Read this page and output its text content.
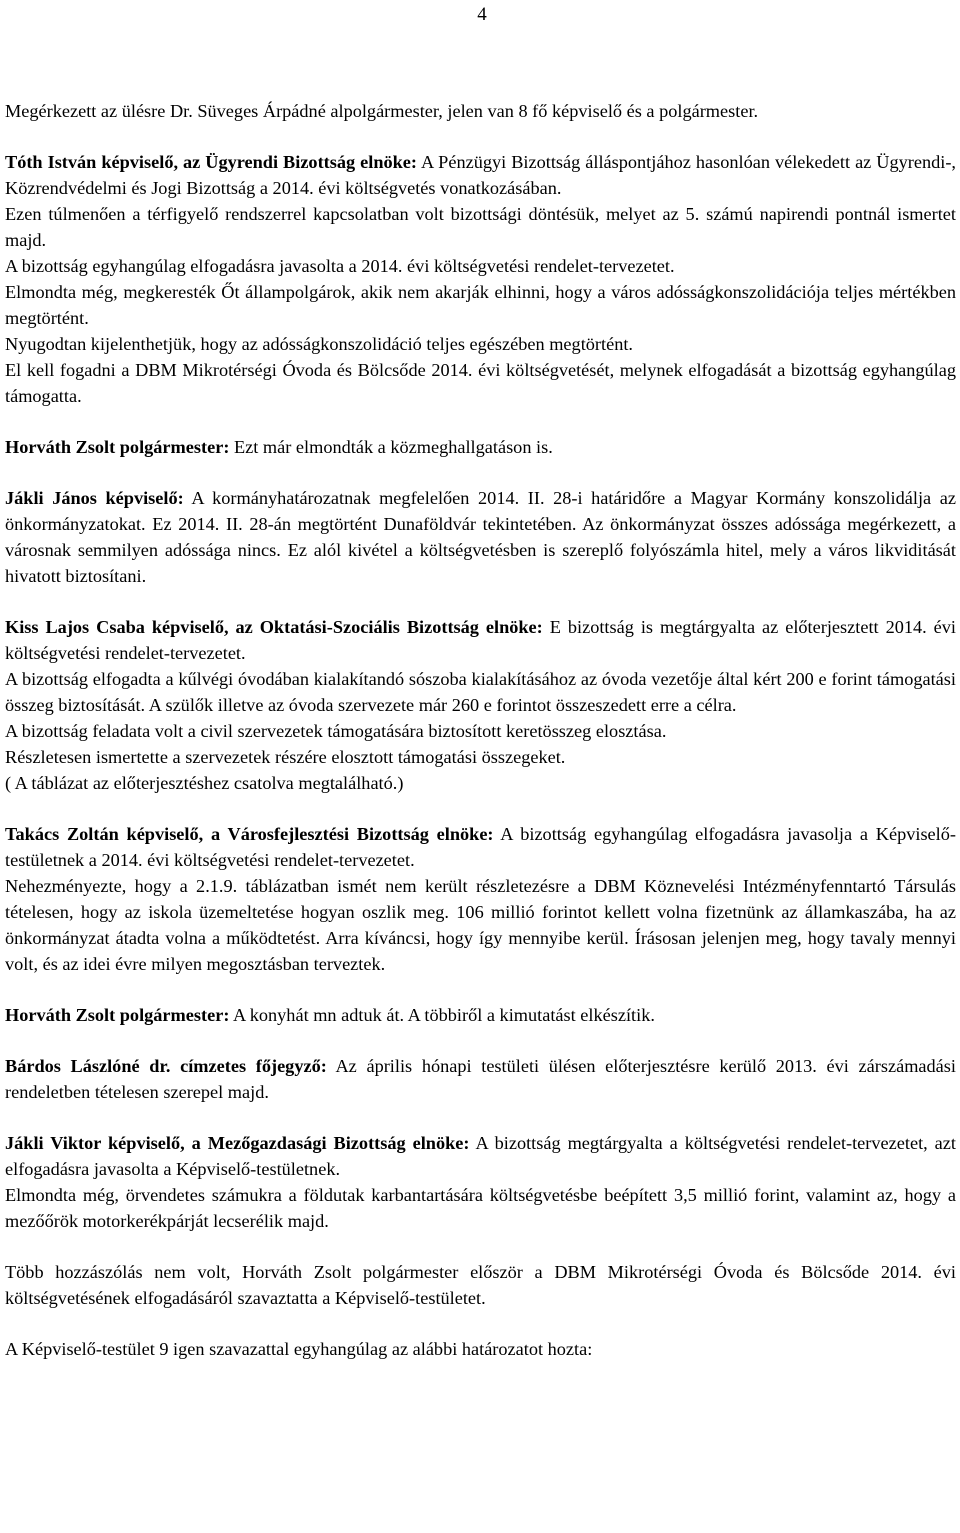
4

Megérkezett az ülésre Dr. Süveges Árpádné alpolgármester, jelen van 8 fő képviselő és a polgármester.

Tóth István képviselő, az Ügyrendi Bizottság elnöke: A Pénzügyi Bizottság álláspontjához hasonlóan vélekedett az Ügyrendi-, Közrendvédelmi és Jogi Bizottság a 2014. évi költségvetés vonatkozásában.

Ezen túlmenően a térfigyelő rendszerrel kapcsolatban volt bizottsági döntésük, melyet az 5. számú napirendi pontnál ismertet majd.

A bizottság egyhangúlag elfogadásra javasolta a 2014. évi költségvetési rendelet-tervezetet.

Elmondta még, megkeresték Őt állampolgárok, akik nem akarják elhinni, hogy a város adósságkonszolidációja teljes mértékben megtörtént.

Nyugodtan kijelenthetjük, hogy az adósságkonszolidáció teljes egészében megtörtént.

El kell fogadni a DBM Mikrotérségi Óvoda és Bölcsőde 2014. évi költségvetését, melynek elfogadását a bizottság egyhangúlag támogatta.

Horváth Zsolt polgármester: Ezt már elmondták a közmeghallgatáson is.

Jákli János képviselő: A kormányhatározatnak megfelelően 2014. II. 28-i határidőre a Magyar Kormány konszolidálja az önkormányzatokat. Ez 2014. II. 28-án megtörtént Dunaföldvár tekintetében. Az önkormányzat összes adóssága megérkezett, a városnak semmilyen adóssága nincs. Ez alól kivétel a költségvetésben is szereplő folyószámla hitel, mely a város likviditását hivatott biztosítani.

Kiss Lajos Csaba képviselő, az Oktatási-Szociális Bizottság elnöke: E bizottság is megtárgyalta az előterjesztett 2014. évi költségvetési rendelet-tervezetet.

A bizottság elfogadta a kűlvégi óvodában kialakítandó sószoba kialakításához az óvoda vezetője által kért 200 e forint támogatási összeg biztosítását. A szülők illetve az óvoda szervezete már 260 e forintot összeszedett erre a célra.

A bizottság feladata volt a civil szervezetek támogatására biztosított keretösszeg elosztása.

Részletesen ismertette a szervezetek részére elosztott támogatási összegeket.

( A táblázat az előterjesztéshez csatolva megtalálható.)

Takács Zoltán képviselő, a Városfejlesztési Bizottság elnöke: A bizottság egyhangúlag elfogadásra javasolja a Képviselő-testületnek a 2014. évi költségvetési rendelet-tervezetet.

Nehezményezte, hogy a 2.1.9. táblázatban ismét nem került részletezésre a DBM Köznevelési Intézményfenntartó Társulás tételesen, hogy az iskola üzemeltetése hogyan oszlik meg. 106 millió forintot kellett volna fizetnünk az államkaszába, ha az önkormányzat átadta volna a működtetést. Arra kíváncsi, hogy így mennyibe kerül. Írásosan jelenjen meg, hogy tavaly mennyi volt, és az idei évre milyen megosztásban terveztek.

Horváth Zsolt polgármester: A konyhát mn adtuk át. A többiről a kimutatást elkészítik.

Bárdos Lászlóné dr. címzetes főjegyző: Az április hónapi testületi ülésen előterjesztésre kerülő 2013. évi zárszámadási rendeletben tételesen szerepel majd.

Jákli Viktor képviselő, a Mezőgazdasági Bizottság elnöke: A bizottság megtárgyalta a költségvetési rendelet-tervezetet, azt elfogadásra javasolta a Képviselő-testületnek.

Elmondta még, örvendetes számukra a földutak karbantartására költségvetésbe beépített 3,5 millió forint, valamint az, hogy a mezőőrök motorkerékpárját lecserélik majd.

Több hozzászólás nem volt, Horváth Zsolt polgármester először a DBM Mikrotérségi Óvoda és Bölcsőde 2014. évi költségvetésének elfogadásáról szavaztatta a Képviselő-testületet.

A Képviselő-testület 9 igen szavazattal egyhangúlag az alábbi határozatot hozta:
